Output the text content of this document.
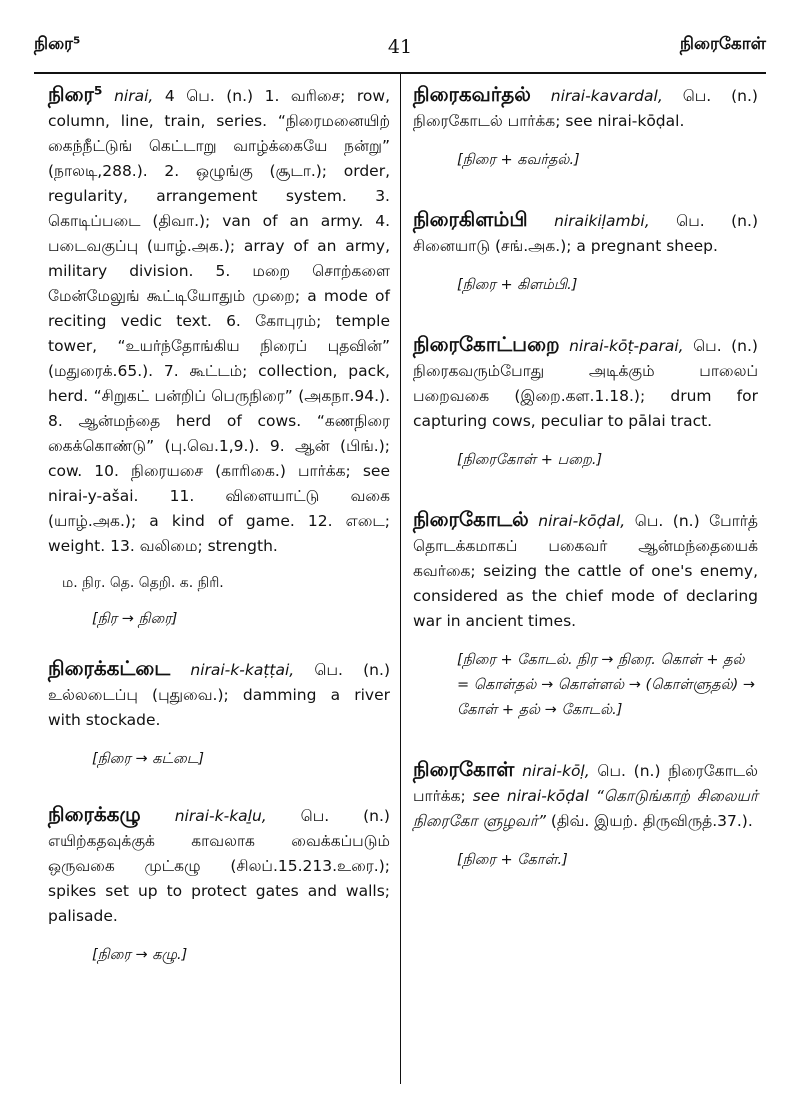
நிரை⁵	41	நிரைகோள்

நிரை⁵ nirai, 4 பெ. (n.) 1. வரிசை; row, column, line, train, series. “நிரைமனையிற் கைந்நீட்டுங் கெட்டாறு வாழ்க்கையே நன்று” (நாலடி,288.). 2. ஒழுங்கு (சூடா.); order, regularity, arrangement system. 3. கொடிப்படை (திவா.); van of an army. 4. படைவகுப்பு (யாழ்.அக.); array of an army, military division. 5. மறை சொற்களை மேன்மேலுங் கூட்டியோதும் முறை; a mode of reciting vedic text. 6. கோபுரம்; temple tower, “உயர்ந்தோங்கிய நிரைப் புதவின்” (மதுரைக்.65.). 7. கூட்டம்; collection, pack, herd. “சிறுகட் பன்றிப் பெருநிரை” (அகநா.94.). 8. ஆன்மந்தை herd of cows. “கணநிரை கைக்கொண்டு” (பு.வெ.1,9.). 9. ஆன் (பிங்.); cow. 10. நிரையசை (காரிகை.) பார்க்க; see nirai-y-ašai. 11. விளையாட்டு வகை (யாழ்.அக.); a kind of game. 12. எடை; weight. 13. வலிமை; strength.

ம. நிர. தெ. தெறி. க. நிரி.

[நிர → நிரை]

நிரைக்கட்டை nirai-k-kaṭṭai, பெ. (n.) உல்லடைப்பு (புதுவை.); damming a river with stockade.

[நிரை → கட்டை]

நிரைக்கழு nirai-k-kaḻu, பெ. (n.) எயிற்கதவுக்குக் காவலாக வைக்கப்படும் ஒருவகை முட்கழு (சிலப்.15.213.உரை.); spikes set up to protect gates and walls; palisade.

[நிரை → கழு.]

நிரைகவர்தல் nirai-kavardal, பெ. (n.) நிரைகோடல் பார்க்க; see nirai-kōḍal.

[நிரை + கவர்தல்.]

நிரைகிளம்பி niraikiḷambi, பெ. (n.) சினையாடு (சங்.அக.); a pregnant sheep.

[நிரை + கிளம்பி.]

நிரைகோட்பறை nirai-kōṭ-parai, பெ. (n.) நிரைகவரும்போது அடிக்கும் பாலைப் பறைவகை (இறை.கள.1.18.); drum for capturing cows, peculiar to pālai tract.

[நிரைகோள் + பறை.]

நிரைகோடல் nirai-kōḍal, பெ. (n.) போர்த் தொடக்கமாகப் பகைவர் ஆன்மந்தையைக் கவர்கை; seizing the cattle of one's enemy, considered as the chief mode of declaring war in ancient times.

[நிரை + கோடல். நிர → நிரை. கொள் + தல் = கொள்தல் → கொள்ளல் → (கொள்ளுதல்) → கோள் + தல் → கோடல்.]

நிரைகோள் nirai-kōḷ, பெ. (n.) நிரைகோடல் பார்க்க; see nirai-kōḍal “கொடுங்காற் சிலையர் நிரைகோ ளுழவர்” (திவ். இயற். திருவிருத்.37.).

[நிரை + கோள்.]
